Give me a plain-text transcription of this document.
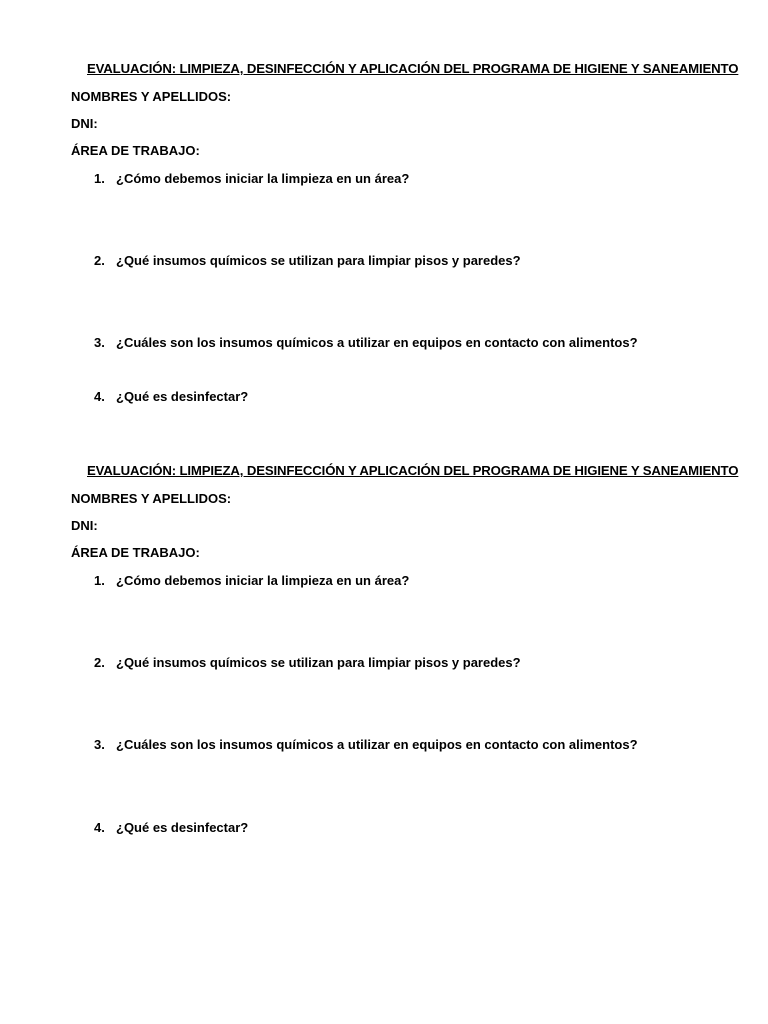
EVALUACIÓN: LIMPIEZA, DESINFECCIÓN Y APLICACIÓN DEL PROGRAMA DE HIGIENE Y SANEAMIENTO
NOMBRES Y APELLIDOS:
DNI:
ÁREA DE TRABAJO:
1. ¿Cómo debemos iniciar la limpieza en un área?
2. ¿Qué insumos químicos se utilizan para limpiar pisos y paredes?
3. ¿Cuáles son los insumos químicos a utilizar en equipos en contacto con alimentos?
4. ¿Qué es desinfectar?
EVALUACIÓN: LIMPIEZA, DESINFECCIÓN Y APLICACIÓN DEL PROGRAMA DE HIGIENE Y SANEAMIENTO
NOMBRES Y APELLIDOS:
DNI:
ÁREA DE TRABAJO:
1. ¿Cómo debemos iniciar la limpieza en un área?
2. ¿Qué insumos químicos se utilizan para limpiar pisos y paredes?
3. ¿Cuáles son los insumos químicos a utilizar en equipos en contacto con alimentos?
4. ¿Qué es desinfectar?
